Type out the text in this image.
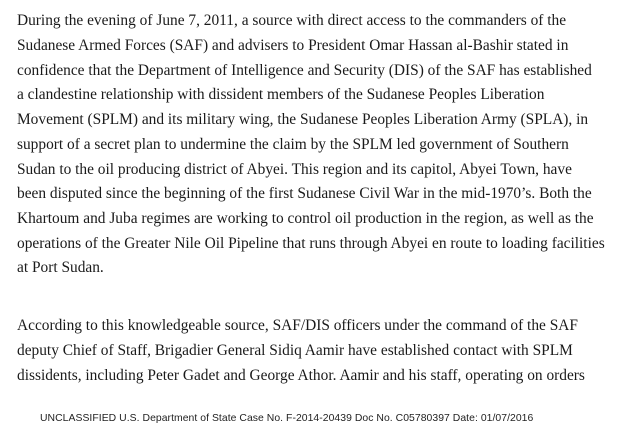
During the evening of June 7, 2011, a source with direct access to the commanders of the
Sudanese Armed Forces (SAF) and advisers to President Omar Hassan al-Bashir stated in
confidence that the Department of Intelligence and Security (DIS) of the SAF has established
a clandestine relationship with dissident members of the Sudanese Peoples Liberation
Movement (SPLM) and its military wing, the Sudanese Peoples Liberation Army (SPLA), in
support of a secret plan to undermine the claim by the SPLM led government of Southern
Sudan to the oil producing district of Abyei. This region and its capitol, Abyei Town, have
been disputed since the beginning of the first Sudanese Civil War in the mid-1970’s. Both the
Khartoum and Juba regimes are working to control oil production in the region, as well as the
operations of the Greater Nile Oil Pipeline that runs through Abyei en route to loading facilities
at Port Sudan.
According to this knowledgeable source, SAF/DIS officers under the command of the SAF
deputy Chief of Staff, Brigadier General Sidiq Aamir have established contact with SPLM
dissidents, including Peter Gadet and George Athor. Aamir and his staff, operating on orders
UNCLASSIFIED U.S. Department of State Case No. F-2014-20439 Doc No. C05780397 Date: 01/07/2016
